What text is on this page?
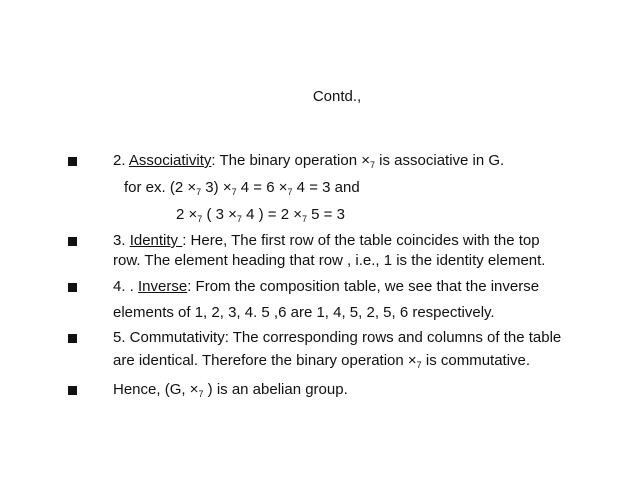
Contd.,
2. Associativity: The binary operation $\times_7$ is associative in G.
for ex. ($2 \times_7$ $3) \times_7$ $4 = 6 \times_7$ 4 = 3 and
$2 \times_7$ ( $3 \times_7$ 4 ) = $2 \times_7$ 5 = 3
3. Identity : Here, The first row of the table coincides with the top
row. The element heading that row , i.e., 1 is the identity element.
4. . Inverse: From the composition table, we see that the inverse
elements of 1, 2, 3, 4. 5 ,6 are 1, 4, 5, 2, 5, 6 respectively.
5. Commutativity: The corresponding rows and columns of the table
are identical. Therefore the binary operation $\times_7$ is commutative.
Hence, (G, $\times_7$ ) is an abelian group.
